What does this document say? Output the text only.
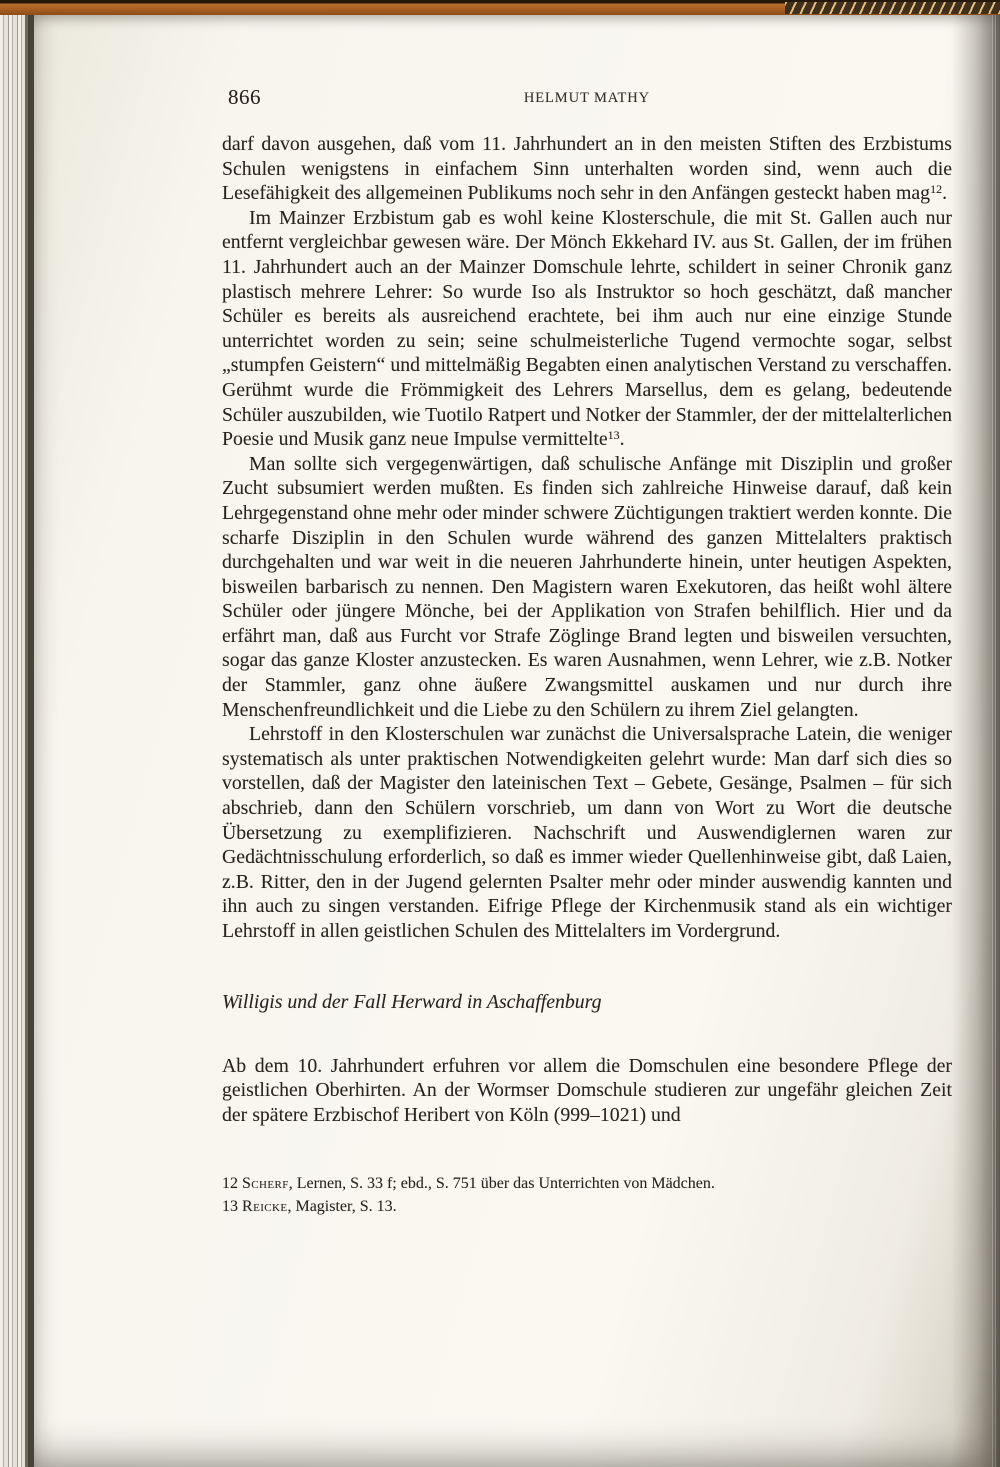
866	HELMUT MATHY

darf davon ausgehen, daß vom 11. Jahrhundert an in den meisten Stiften des Erzbistums Schulen wenigstens in einfachem Sinn unterhalten worden sind, wenn auch die Lesefähigkeit des allgemeinen Publikums noch sehr in den Anfängen gesteckt haben mag$^{12}$.

Im Mainzer Erzbistum gab es wohl keine Klosterschule, die mit St. Gallen auch nur entfernt vergleichbar gewesen wäre. Der Mönch Ekkehard IV. aus St. Gallen, der im frühen 11. Jahrhundert auch an der Mainzer Domschule lehrte, schildert in seiner Chronik ganz plastisch mehrere Lehrer: So wurde Iso als Instruktor so hoch geschätzt, daß mancher Schüler es bereits als ausreichend erachtete, bei ihm auch nur eine einzige Stunde unterrichtet worden zu sein; seine schulmeisterliche Tugend vermochte sogar, selbst „stumpfen Geistern“ und mittelmäßig Begabten einen analytischen Verstand zu verschaffen. Gerühmt wurde die Frömmigkeit des Lehrers Marsellus, dem es gelang, bedeutende Schüler auszubilden, wie Tuotilo Ratpert und Notker der Stammler, der der mittelalterlichen Poesie und Musik ganz neue Impulse vermittelte$^{13}$.

Man sollte sich vergegenwärtigen, daß schulische Anfänge mit Disziplin und großer Zucht subsumiert werden mußten. Es finden sich zahlreiche Hinweise darauf, daß kein Lehrgegenstand ohne mehr oder minder schwere Züchtigungen traktiert werden konnte. Die scharfe Disziplin in den Schulen wurde während des ganzen Mittelalters praktisch durchgehalten und war weit in die neueren Jahrhunderte hinein, unter heutigen Aspekten, bisweilen barbarisch zu nennen. Den Magistern waren Exekutoren, das heißt wohl ältere Schüler oder jüngere Mönche, bei der Applikation von Strafen behilflich. Hier und da erfährt man, daß aus Furcht vor Strafe Zöglinge Brand legten und bisweilen versuchten, sogar das ganze Kloster anzustecken. Es waren Ausnahmen, wenn Lehrer, wie z.B. Notker der Stammler, ganz ohne äußere Zwangsmittel auskamen und nur durch ihre Menschenfreundlichkeit und die Liebe zu den Schülern zu ihrem Ziel gelangten.

Lehrstoff in den Klosterschulen war zunächst die Universalsprache Latein, die weniger systematisch als unter praktischen Notwendigkeiten gelehrt wurde: Man darf sich dies so vorstellen, daß der Magister den lateinischen Text – Gebete, Gesänge, Psalmen – für sich abschrieb, dann den Schülern vorschrieb, um dann von Wort zu Wort die deutsche Übersetzung zu exemplifizieren. Nachschrift und Auswendiglernen waren zur Gedächtnisschulung erforderlich, so daß es immer wieder Quellenhinweise gibt, daß Laien, z.B. Ritter, den in der Jugend gelernten Psalter mehr oder minder auswendig kannten und ihn auch zu singen verstanden. Eifrige Pflege der Kirchenmusik stand als ein wichtiger Lehrstoff in allen geistlichen Schulen des Mittelalters im Vordergrund.

Willigis und der Fall Herward in Aschaffenburg

Ab dem 10. Jahrhundert erfuhren vor allem die Domschulen eine besondere Pflege der geistlichen Oberhirten. An der Wormser Domschule studieren zur ungefähr gleichen Zeit der spätere Erzbischof Heribert von Köln (999–1021) und

12 Scherf, Lernen, S. 33 f; ebd., S. 751 über das Unterrichten von Mädchen.

13 Reicke, Magister, S. 13.
